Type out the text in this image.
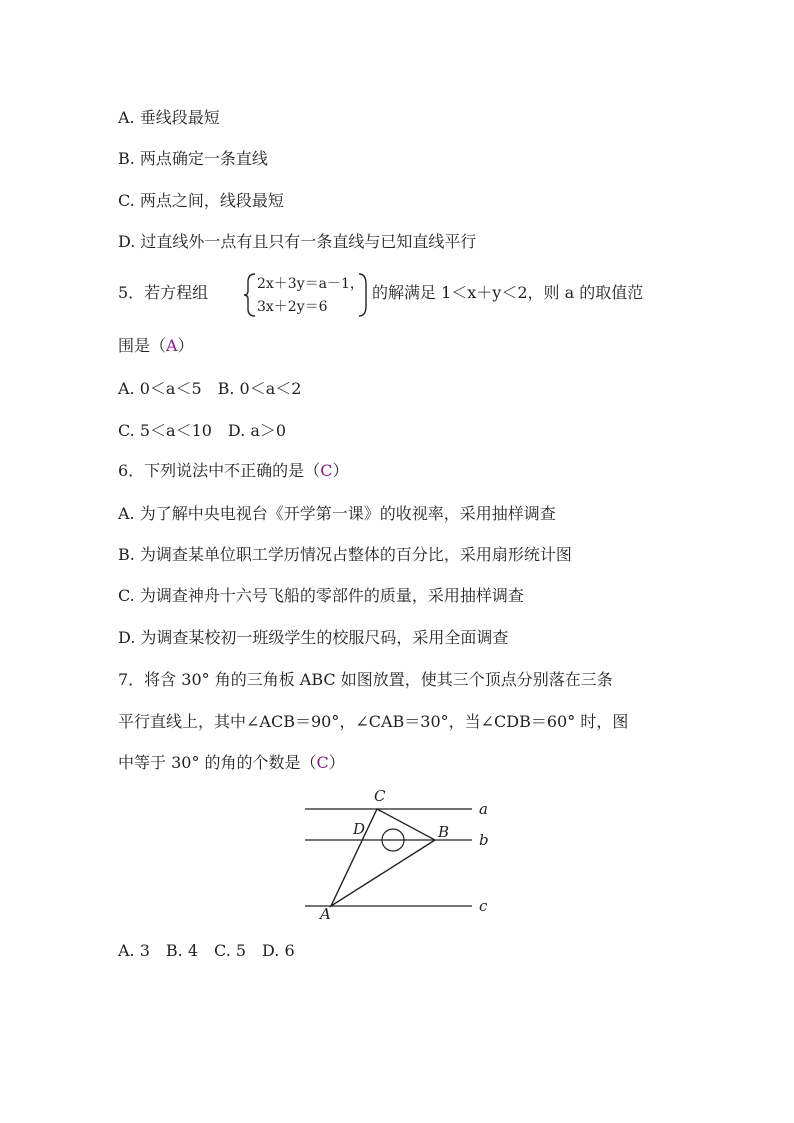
A. 垂线段最短
B. 两点确定一条直线
C. 两点之间，线段最短
D. 过直线外一点有且只有一条直线与已知直线平行
5．若方程组	2x＋3y＝a－1，
3x＋2y＝6
的解满足 1＜x＋y＜2，则 a 的取值范
围是（A）
A. 0＜a＜5　B. 0＜a＜2
C. 5＜a＜10　D. a＞0
6．下列说法中不正确的是（C）
A. 为了解中央电视台《开学第一课》的收视率，采用抽样调查
B. 为调查某单位职工学历情况占整体的百分比，采用扇形统计图
C. 为调查神舟十六号飞船的零部件的质量，采用抽样调查
D. 为调查某校初一班级学生的校服尺码，采用全面调查
7．将含 30° 角的三角板 ABC 如图放置，使其三个顶点分别落在三条
平行直线上，其中∠ACB＝90°，∠CAB＝30°，当∠CDB＝60° 时，图
中等于 30° 的角的个数是（C）
C
D	B
A
a
b
c
A. 3　B. 4　C. 5　D. 6
